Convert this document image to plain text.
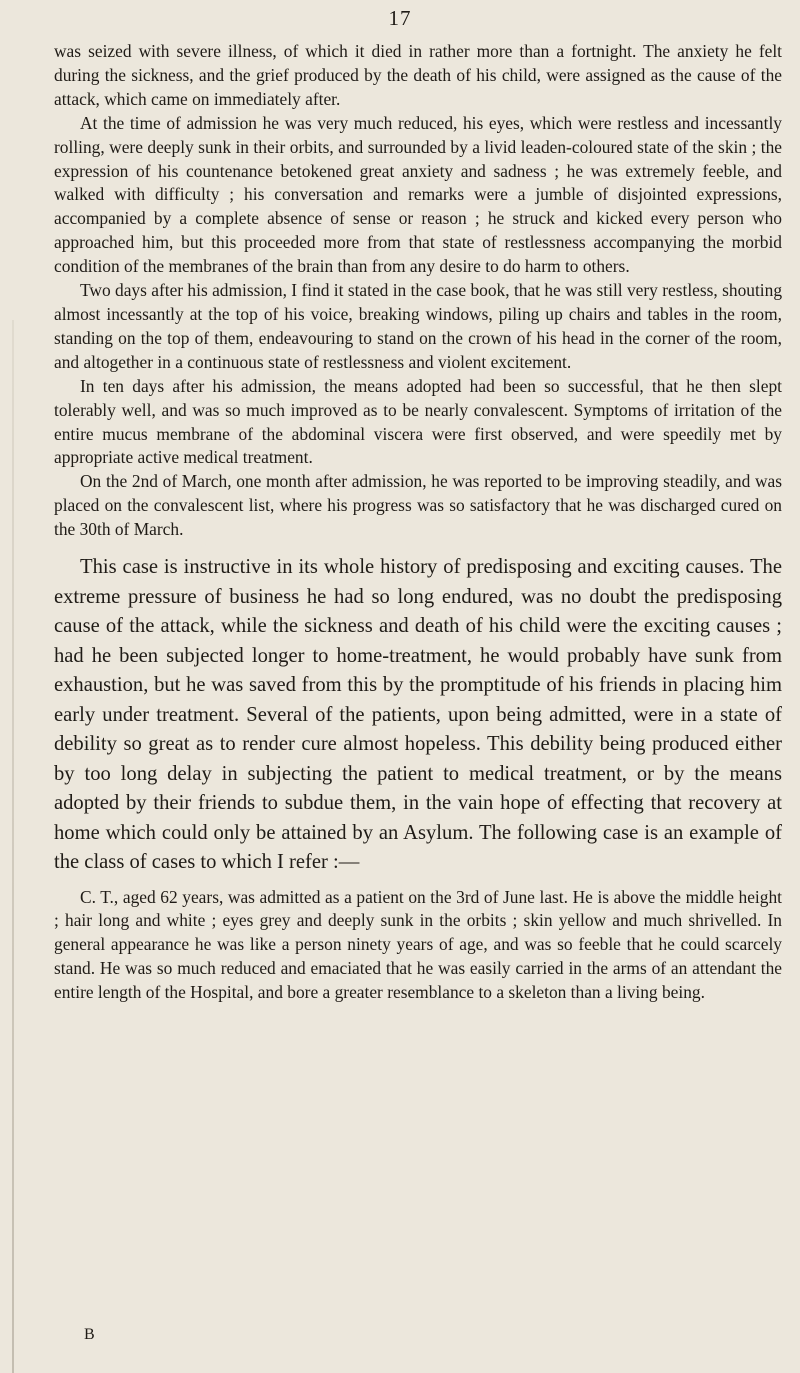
17

was seized with severe illness, of which it died in rather more than a fortnight. The anxiety he felt during the sickness, and the grief produced by the death of his child, were assigned as the cause of the attack, which came on immediately after.

At the time of admission he was very much reduced, his eyes, which were restless and incessantly rolling, were deeply sunk in their orbits, and surrounded by a livid leaden-coloured state of the skin ; the expression of his countenance betokened great anxiety and sadness ; he was extremely feeble, and walked with difficulty ; his conversation and remarks were a jumble of disjointed expressions, accompanied by a complete absence of sense or reason ; he struck and kicked every person who approached him, but this proceeded more from that state of restlessness accompanying the morbid condition of the membranes of the brain than from any desire to do harm to others.

Two days after his admission, I find it stated in the case book, that he was still very restless, shouting almost incessantly at the top of his voice, breaking windows, piling up chairs and tables in the room, standing on the top of them, endeavouring to stand on the crown of his head in the corner of the room, and altogether in a continuous state of restlessness and violent excitement.

In ten days after his admission, the means adopted had been so successful, that he then slept tolerably well, and was so much improved as to be nearly convalescent. Symptoms of irritation of the entire mucus membrane of the abdominal viscera were first observed, and were speedily met by appropriate active medical treatment.

On the 2nd of March, one month after admission, he was reported to be improving steadily, and was placed on the convalescent list, where his progress was so satisfactory that he was discharged cured on the 30th of March.

This case is instructive in its whole history of predisposing and exciting causes. The extreme pressure of business he had so long endured, was no doubt the predisposing cause of the attack, while the sickness and death of his child were the exciting causes ; had he been subjected longer to home-treatment, he would probably have sunk from exhaustion, but he was saved from this by the promptitude of his friends in placing him early under treatment. Several of the patients, upon being admitted, were in a state of debility so great as to render cure almost hopeless. This debility being produced either by too long delay in subjecting the patient to medical treatment, or by the means adopted by their friends to subdue them, in the vain hope of effecting that recovery at home which could only be attained by an Asylum. The following case is an example of the class of cases to which I refer :—

C. T., aged 62 years, was admitted as a patient on the 3rd of June last. He is above the middle height ; hair long and white ; eyes grey and deeply sunk in the orbits ; skin yellow and much shrivelled. In general appearance he was like a person ninety years of age, and was so feeble that he could scarcely stand. He was so much reduced and emaciated that he was easily carried in the arms of an attendant the entire length of the Hospital, and bore a greater resemblance to a skeleton than a living being.

B
